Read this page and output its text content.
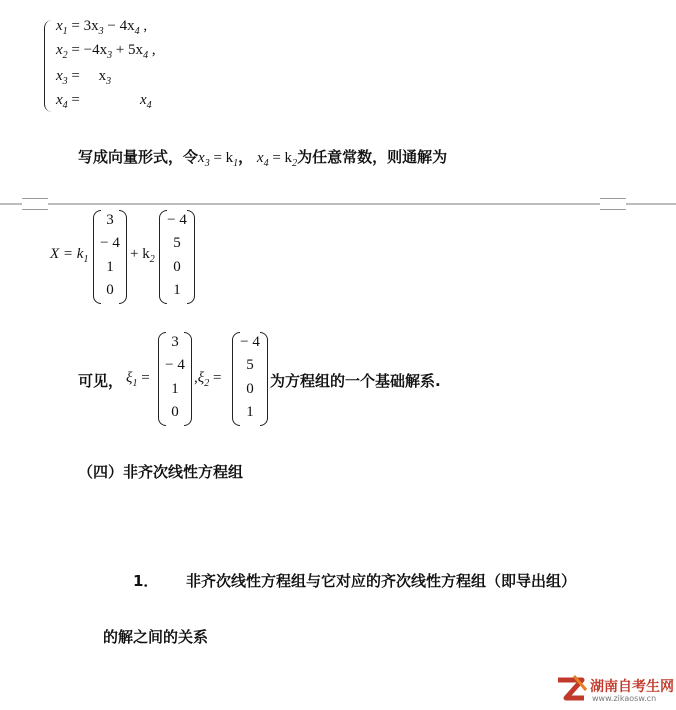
$x_1 = 3x_3 - 4x_4$ ,
$x_2 = -4x_3 + 5x_4$ ,
$x_3$ =     $x_3$
$x_4$ =	$x_4$
写成向量形式，令$x_3 = k_1$， $x_4 = k_2$为任意常数，则通解为
$X = k_1$
3
− 4
1
0
+ $k_2$
− 4
5
0
1
可见， $\xi_1$ =
3
− 4
1
0
$,\xi_2$ =
− 4
5
0
1
为方程组的一个基础解系.
（四）非齐次线性方程组
1． 非齐次线性方程组与它对应的齐次线性方程组（即导出组）
的解之间的关系
湖南自考生网
www.zikaosw.cn
